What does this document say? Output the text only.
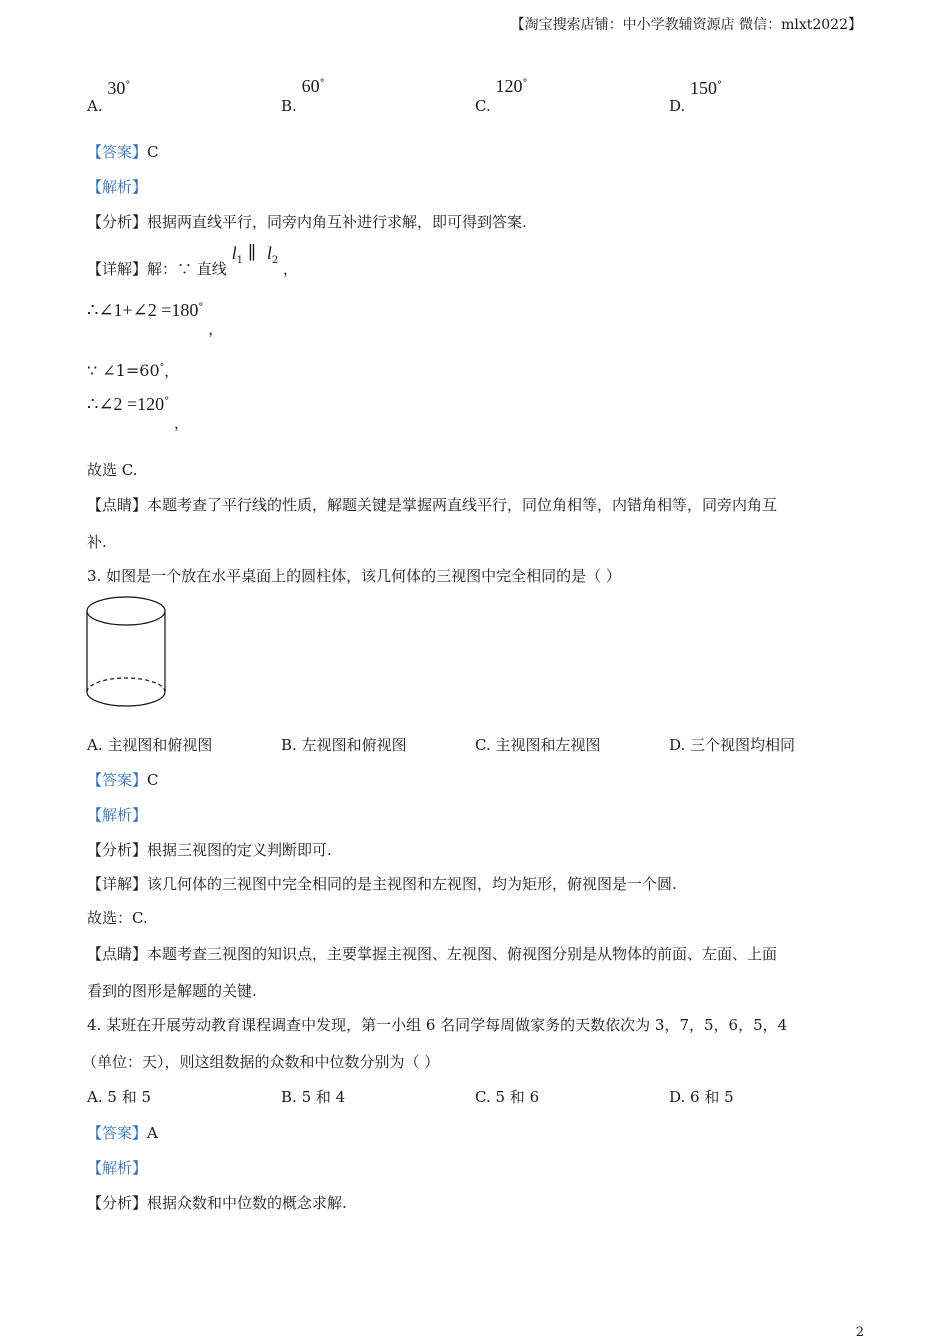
【淘宝搜索店铺：中小学教辅资源店 微信：mlxt2022】
A. 30°
B. 60°
C. 120°
D. 150°
【答案】C
【解析】
【分析】根据两直线平行，同旁内角互补进行求解，即可得到答案.
【详解】解：∵ 直线 $l_1$ ∥ $l_2$ ，
∴∠1+∠2 =180° ，
∵ ∠1=60°，
∴∠2 =120° ，
故选 C.
【点睛】本题考查了平行线的性质，解题关键是掌握两直线平行，同位角相等，内错角相等，同旁内角互
补.
3. 如图是一个放在水平桌面上的圆柱体，该几何体的三视图中完全相同的是（ ）
A. 主视图和俯视图	B. 左视图和俯视图	C. 主视图和左视图	D. 三个视图均相同
【答案】C
【解析】
【分析】根据三视图的定义判断即可.
【详解】该几何体的三视图中完全相同的是主视图和左视图，均为矩形，俯视图是一个圆.
故选：C.
【点睛】本题考查三视图的知识点，主要掌握主视图、左视图、俯视图分别是从物体的前面、左面、上面
看到的图形是解题的关键.
4. 某班在开展劳动教育课程调查中发现，第一小组 6 名同学每周做家务的天数依次为 3，7，5，6，5，4
（单位：天），则这组数据的众数和中位数分别为（ ）
A. 5 和 5	B. 5 和 4	C. 5 和 6	D. 6 和 5
【答案】A
【解析】
【分析】根据众数和中位数的概念求解.
2
